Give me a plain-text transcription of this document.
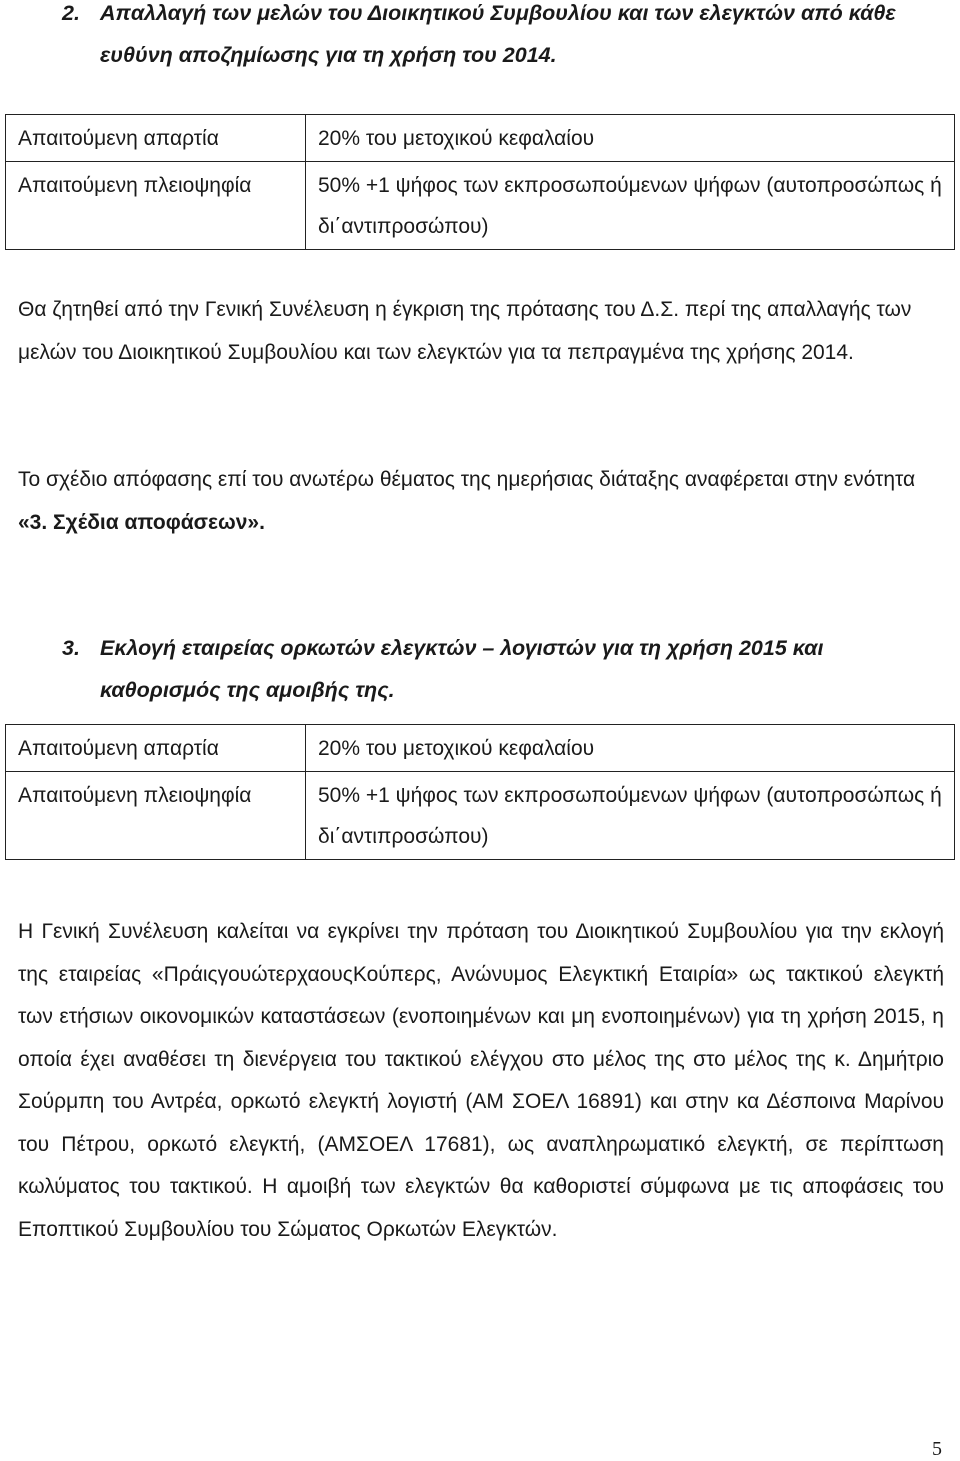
2. Απαλλαγή των μελών του Διοικητικού Συμβουλίου και των ελεγκτών από κάθε ευθύνη αποζημίωσης για τη χρήση του 2014.
Απαιτούμενη απαρτία	20% του μετοχικού κεφαλαίου
Απαιτούμενη πλειοψηφία	50% +1 ψήφος των εκπροσωπούμενων ψήφων (αυτοπροσώπως ή δι΄αντιπροσώπου)

Θα ζητηθεί από την Γενική Συνέλευση η έγκριση της πρότασης του Δ.Σ. περί της απαλλαγής των μελών του Διοικητικού Συμβουλίου και των ελεγκτών για τα πεπραγμένα της χρήσης 2014.

Το σχέδιο απόφασης επί του ανωτέρω θέματος της ημερήσιας διάταξης αναφέρεται στην ενότητα «3. Σχέδια αποφάσεων».

3. Εκλογή εταιρείας ορκωτών ελεγκτών – λογιστών για τη χρήση 2015 και καθορισμός της αμοιβής της.
Απαιτούμενη απαρτία	20% του μετοχικού κεφαλαίου
Απαιτούμενη πλειοψηφία	50% +1 ψήφος των εκπροσωπούμενων ψήφων (αυτοπροσώπως ή δι΄αντιπροσώπου)

Η Γενική Συνέλευση καλείται να εγκρίνει την πρόταση του Διοικητικού Συμβουλίου για την εκλογή της εταιρείας «ΠράιςγουώτερχαουςΚούπερς, Ανώνυμος Ελεγκτική Εταιρία» ως τακτικού ελεγκτή των ετήσιων οικονομικών καταστάσεων (ενοποιημένων και μη ενοποιημένων) για τη χρήση 2015, η οποία έχει αναθέσει τη διενέργεια του τακτικού ελέγχου στο μέλος της στο μέλος της κ. Δημήτριο Σούρμπη του Αντρέα, ορκωτό ελεγκτή λογιστή (ΑΜ ΣΟΕΛ 16891) και στην κα Δέσποινα Μαρίνου του Πέτρου, ορκωτό ελεγκτή, (ΑΜΣΟΕΛ 17681), ως αναπληρωματικό ελεγκτή, σε περίπτωση κωλύματος του τακτικού. Η αμοιβή των ελεγκτών θα καθοριστεί σύμφωνα με τις αποφάσεις του Εποπτικού Συμβουλίου του Σώματος Ορκωτών Ελεγκτών.

5
